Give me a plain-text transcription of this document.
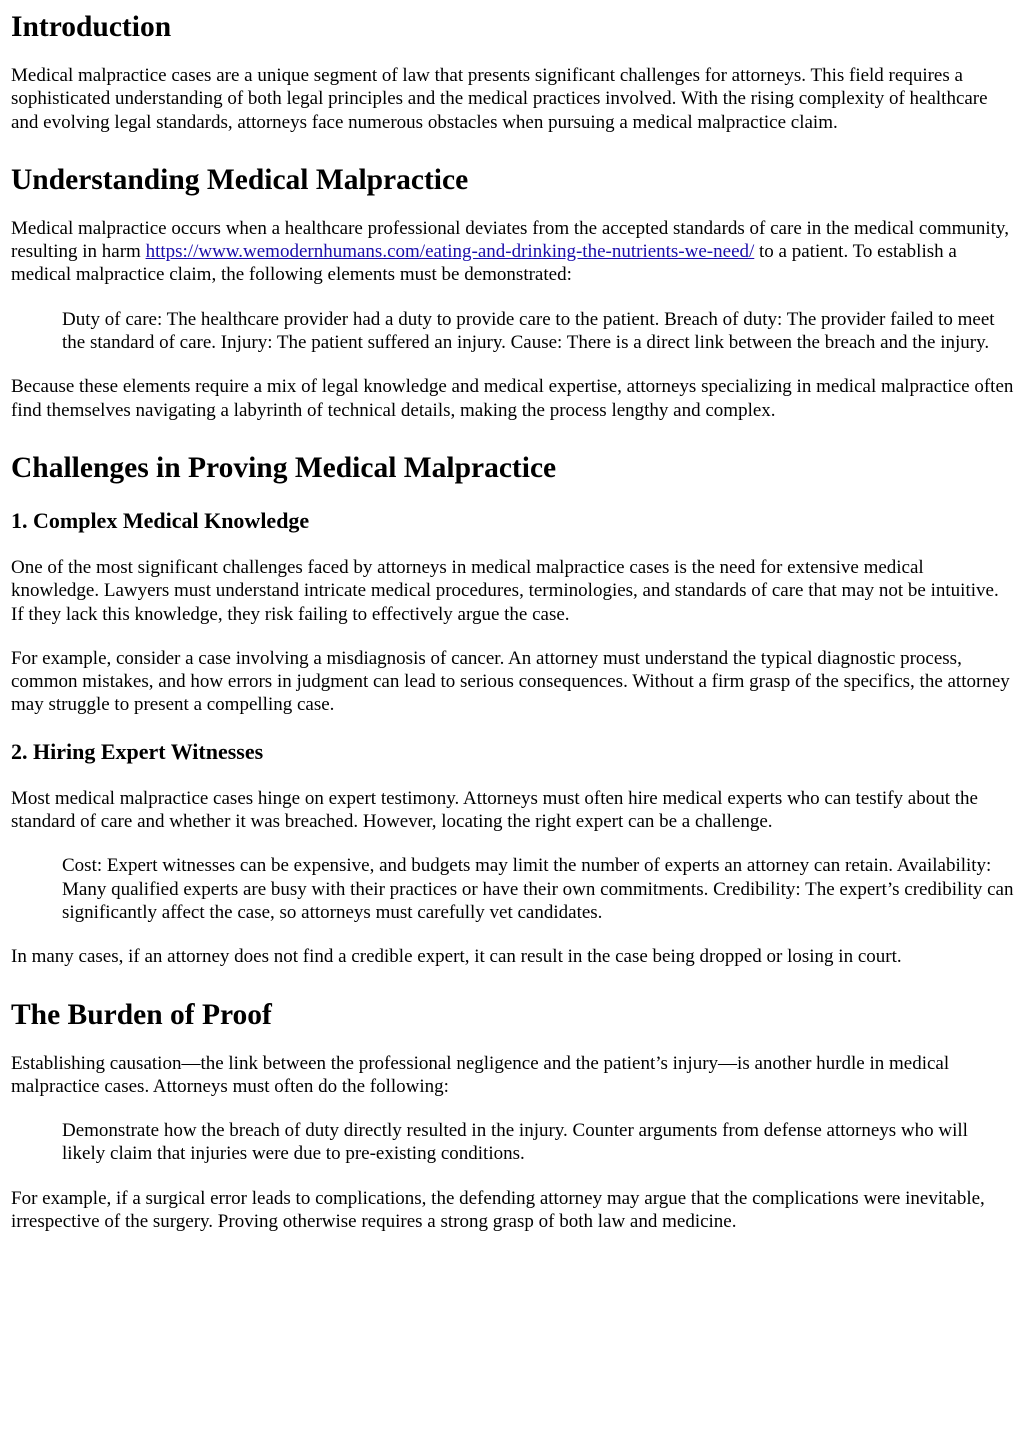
Introduction

Medical malpractice cases are a unique segment of law that presents significant challenges for attorneys. This field requires a sophisticated understanding of both legal principles and the medical practices involved. With the rising complexity of healthcare and evolving legal standards, attorneys face numerous obstacles when pursuing a medical malpractice claim.

Understanding Medical Malpractice

Medical malpractice occurs when a healthcare professional deviates from the accepted standards of care in the medical community, resulting in harm https://www.wemodernhumans.com/eating-and-drinking-the-nutrients-we-need/ to a patient. To establish a medical malpractice claim, the following elements must be demonstrated:

Duty of care: The healthcare provider had a duty to provide care to the patient. Breach of duty: The provider failed to meet the standard of care. Injury: The patient suffered an injury. Cause: There is a direct link between the breach and the injury.

Because these elements require a mix of legal knowledge and medical expertise, attorneys specializing in medical malpractice often find themselves navigating a labyrinth of technical details, making the process lengthy and complex.

Challenges in Proving Medical Malpractice
1. Complex Medical Knowledge

One of the most significant challenges faced by attorneys in medical malpractice cases is the need for extensive medical knowledge. Lawyers must understand intricate medical procedures, terminologies, and standards of care that may not be intuitive. If they lack this knowledge, they risk failing to effectively argue the case.

For example, consider a case involving a misdiagnosis of cancer. An attorney must understand the typical diagnostic process, common mistakes, and how errors in judgment can lead to serious consequences. Without a firm grasp of the specifics, the attorney may struggle to present a compelling case.

2. Hiring Expert Witnesses

Most medical malpractice cases hinge on expert testimony. Attorneys must often hire medical experts who can testify about the standard of care and whether it was breached. However, locating the right expert can be a challenge.

Cost: Expert witnesses can be expensive, and budgets may limit the number of experts an attorney can retain. Availability: Many qualified experts are busy with their practices or have their own commitments. Credibility: The expert’s credibility can significantly affect the case, so attorneys must carefully vet candidates.

In many cases, if an attorney does not find a credible expert, it can result in the case being dropped or losing in court.

The Burden of Proof

Establishing causation—the link between the professional negligence and the patient’s injury—is another hurdle in medical malpractice cases. Attorneys must often do the following:

Demonstrate how the breach of duty directly resulted in the injury. Counter arguments from defense attorneys who will likely claim that injuries were due to pre-existing conditions.

For example, if a surgical error leads to complications, the defending attorney may argue that the complications were inevitable, irrespective of the surgery. Proving otherwise requires a strong grasp of both law and medicine.
